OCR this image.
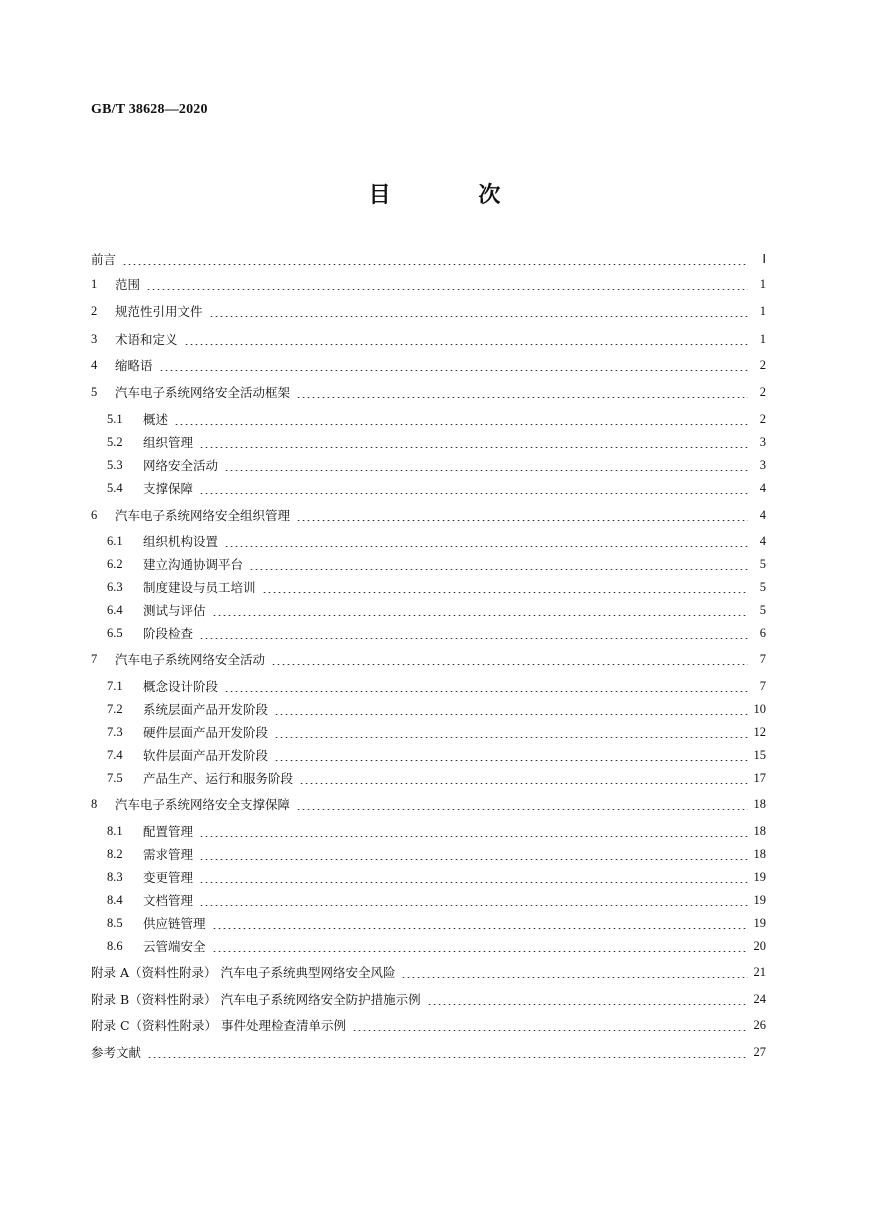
GB/T 38628—2020
目 次
前言	Ⅰ
1	范围	1
2	规范性引用文件	1
3	术语和定义	1
4	缩略语	2
5	汽车电子系统网络安全活动框架	2
5.1	概述	2
5.2	组织管理	3
5.3	网络安全活动	3
5.4	支撑保障	4
6	汽车电子系统网络安全组织管理	4
6.1	组织机构设置	4
6.2	建立沟通协调平台	5
6.3	制度建设与员工培训	5
6.4	测试与评估	5
6.5	阶段检查	6
7	汽车电子系统网络安全活动	7
7.1	概念设计阶段	7
7.2	系统层面产品开发阶段	10
7.3	硬件层面产品开发阶段	12
7.4	软件层面产品开发阶段	15
7.5	产品生产、运行和服务阶段	17
8	汽车电子系统网络安全支撑保障	18
8.1	配置管理	18
8.2	需求管理	18
8.3	变更管理	19
8.4	文档管理	19
8.5	供应链管理	19
8.6	云管端安全	20
附录 A（资料性附录） 汽车电子系统典型网络安全风险	21
附录 B（资料性附录） 汽车电子系统网络安全防护措施示例	24
附录 C（资料性附录） 事件处理检查清单示例	26
参考文献	27
